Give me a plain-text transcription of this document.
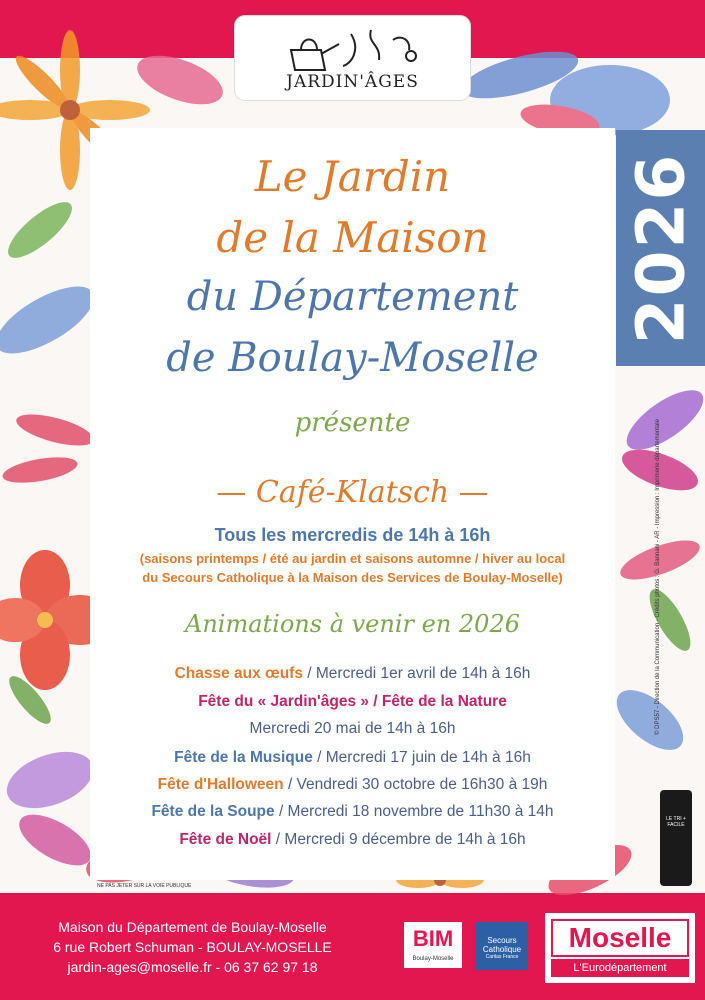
JARDIN'ÂGES
2026
© DPS57 - Direction de la Communication - Crédits photos : G. Bannani - AR - Impression : Imprimerie départementale
Le Jardin
de la Maison
du Département
de Boulay-Moselle
présente
— Café-Klatsch —
Tous les mercredis de 14h à 16h
(saisons printemps / été au jardin et saisons automne / hiver au local
du Secours Catholique à la Maison des Services de Boulay-Moselle)
Animations à venir en 2026
Chasse aux œufs / Mercredi 1er avril de 14h à 16h
Fête du « Jardin'âges » / Fête de la Nature
Mercredi 20 mai de 14h à 16h
Fête de la Musique / Mercredi 17 juin de 14h à 16h
Fête d'Halloween / Vendredi 30 octobre de 16h30 à 19h
Fête de la Soupe / Mercredi 18 novembre de 11h30 à 14h
Fête de Noël / Mercredi 9 décembre de 14h à 16h
NE PAS JETER SUR LA VOIE PUBLIQUE
LE TRI + FACILE
Maison du Département de Boulay-Moselle
6 rue Robert Schuman - BOULAY-MOSELLE
jardin-ages@moselle.fr - 06 37 62 97 18
BIM
Boulay-Moselle
Secours
Catholique
Caritas France
Moselle
L'Eurodépartement
